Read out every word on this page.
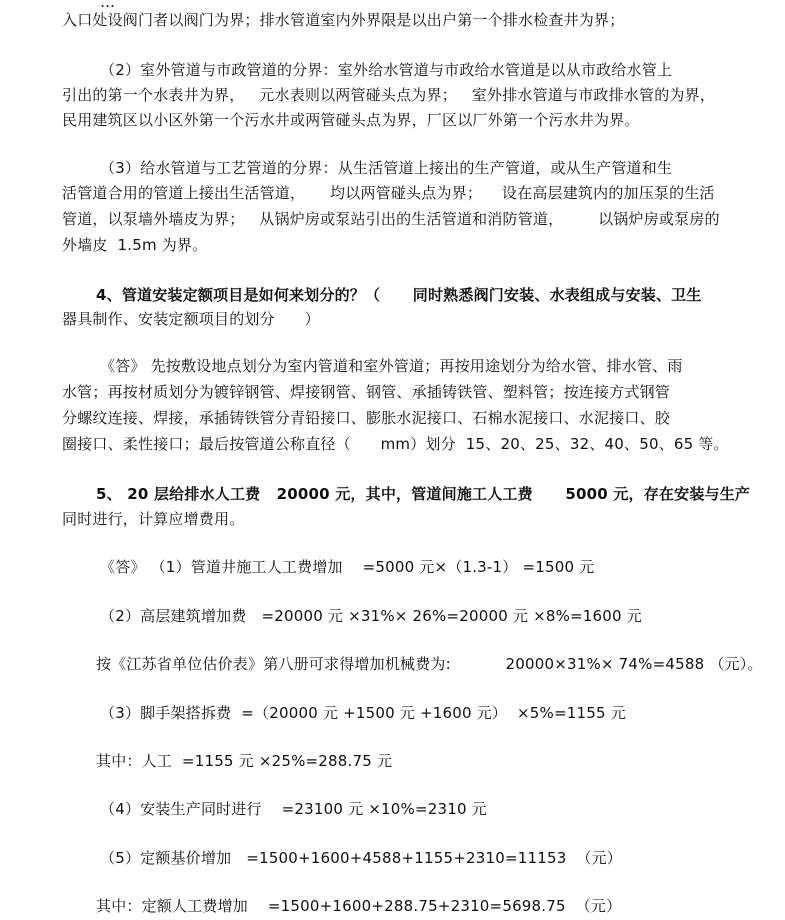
…
入口处设阀门者以阀门为界；排水管道室内外界限是以出户第一个排水检查井为界；
（2）室外管道与市政管道的分界：室外给水管道与市政给水管道是以从市政给水管上
引出的第一个水表井为界，   元水表则以两管碰头点为界；   室外排水管道与市政排水管的为界，
民用建筑区以小区外第一个污水井或两管碰头点为界，厂区以厂外第一个污水井为界。
（3）给水管道与工艺管道的分界：从生活管道上接出的生产管道，或从生产管道和生
活管道合用的管道上接出生活管道，     均以两管碰头点为界；    设在高层建筑内的加压泵的生活
管道，以泵墙外墙皮为界；   从锅炉房或泵站引出的生活管道和消防管道，       以锅炉房或泵房的
外墙皮  1.5m 为界。
4、管道安装定额项目是如何来划分的？（      同时熟悉阀门安装、水表组成与安装、卫生
器具制作、安装定额项目的划分      ）
《答》 先按敷设地点划分为室内管道和室外管道；再按用途划分为给水管、排水管、雨
水管；再按材质划分为镀锌钢管、焊接钢管、钢管、承插铸铁管、塑料管；按连接方式钢管
分螺纹连接、焊接，承插铸铁管分青铅接口、膨胀水泥接口、石棉水泥接口、水泥接口、胶
圈接口、柔性接口；最后按管道公称直径（      mm）划分  15、20、25、32、40、50、65 等。
5、 20 层给排水人工费   20000 元，其中，管道间施工人工费      5000 元，存在安装与生产
同时进行，计算应增费用。
《答》 （1）管道井施工人工费增加    =5000 元×（1.3-1） =1500 元
（2）高层建筑增加费   =20000 元 ×31%× 26%=20000 元 ×8%=1600 元
按《江苏省单位估价表》第八册可求得增加机械费为:           20000×31%× 74%=4588 （元）。
（3）脚手架搭拆费  =（20000 元 +1500 元 +1600 元）  ×5%=1155 元
其中：人工  =1155 元 ×25%=288.75 元
（4）安装生产同时进行    =23100 元 ×10%=2310 元
（5）定额基价增加   =1500+1600+4588+1155+2310=11153  （元）
其中：定额人工费增加    =1500+1600+288.75+2310=5698.75  （元）
